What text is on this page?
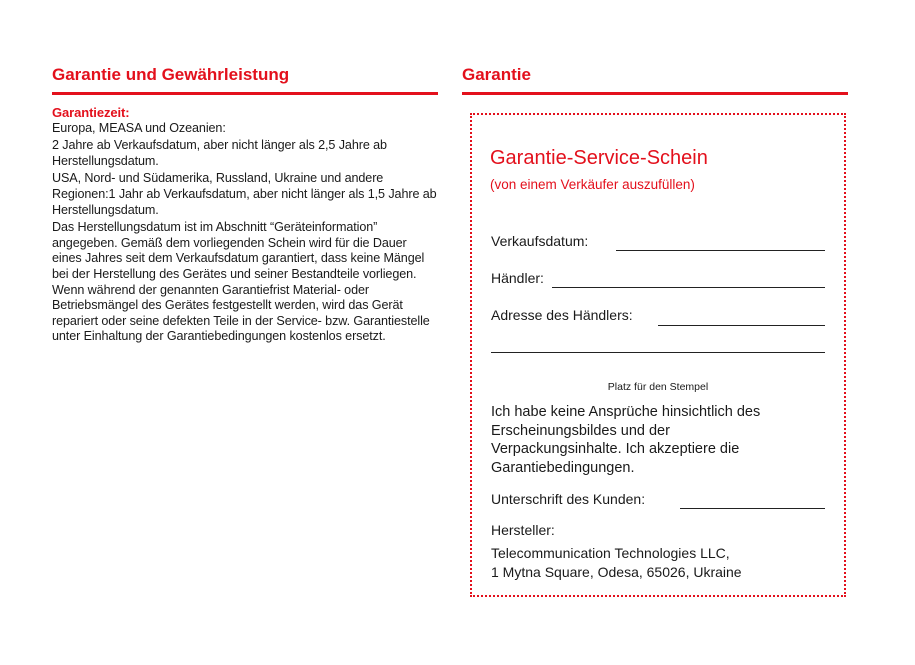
Garantie und Gewährleistung
Garantiezeit:

Europa, MEASA und Ozeanien:

2 Jahre ab Verkaufsdatum, aber nicht länger als 2,5 Jahre ab Herstellungsdatum.

USA, Nord- und Südamerika, Russland, Ukraine und andere Regionen:1 Jahr ab Verkaufsdatum, aber nicht länger als 1,5 Jahre ab Herstellungsdatum.

Das Herstellungsdatum ist im Abschnitt “Geräteinformation” angegeben. Gemäß dem vorliegenden Schein wird für die Dauer eines Jahres seit dem Verkaufsdatum garantiert, dass keine Mängel bei der Herstellung des Gerätes und seiner Bestandteile vorliegen. Wenn während der genannten Garantiefrist Material- oder Betriebsmängel des Gerätes festgestellt werden, wird das Gerät repariert oder seine defekten Teile in der Service- bzw. Garantiestelle unter Einhaltung der Garantiebedingungen kostenlos ersetzt.

Garantie
Garantie-Service-Schein
(von einem Verkäufer auszufüllen)
Verkaufsdatum:
Händler:
Adresse des Händlers:
Platz für den Stempel
Ich habe keine Ansprüche hinsichtlich des Erscheinungsbildes und der Verpackungsinhalte. Ich akzeptiere die Garantiebedingungen.
Unterschrift des Kunden:
Hersteller:
Telecommunication Technologies LLC,
1 Mytna Square, Odesa, 65026, Ukraine
